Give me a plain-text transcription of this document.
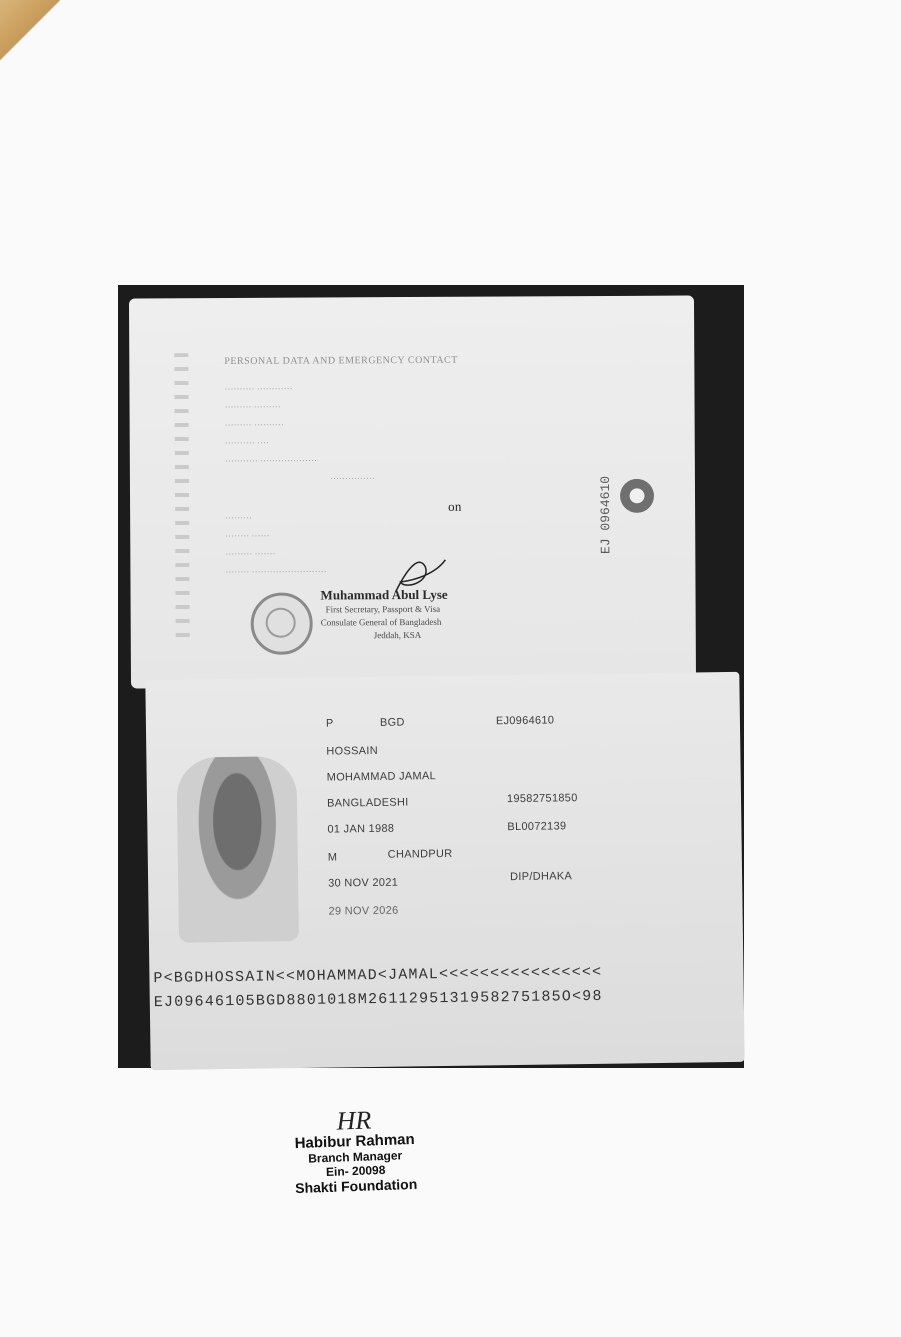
PERSONAL DATA AND EMERGENCY CONTACT
·········· ············
········· ·········
········· ··········
·········· ····
··········· ···················
···············
·········
········ ······
········· ·······
········ ·························
on
Muhammad Abul Lyse
First Secretary, Passport & Visa
Consulate General of Bangladesh
Jeddah, KSA
EJ 0964610
P	BGD	EJ0964610
HOSSAIN
MOHAMMAD JAMAL
BANGLADESHI	19582751850
01 JAN 1988	BL0072139
M	CHANDPUR
30 NOV 2021	DIP/DHAKA
29 NOV 2026
P<BGDHOSSAIN<<MOHAMMAD<JAMAL<<<<<<<<<<<<<<<<
EJ09646105BGD8801018M2611295131958275185O<98
HR
Habibur Rahman
Branch Manager
Ein- 20098
Shakti Foundation
